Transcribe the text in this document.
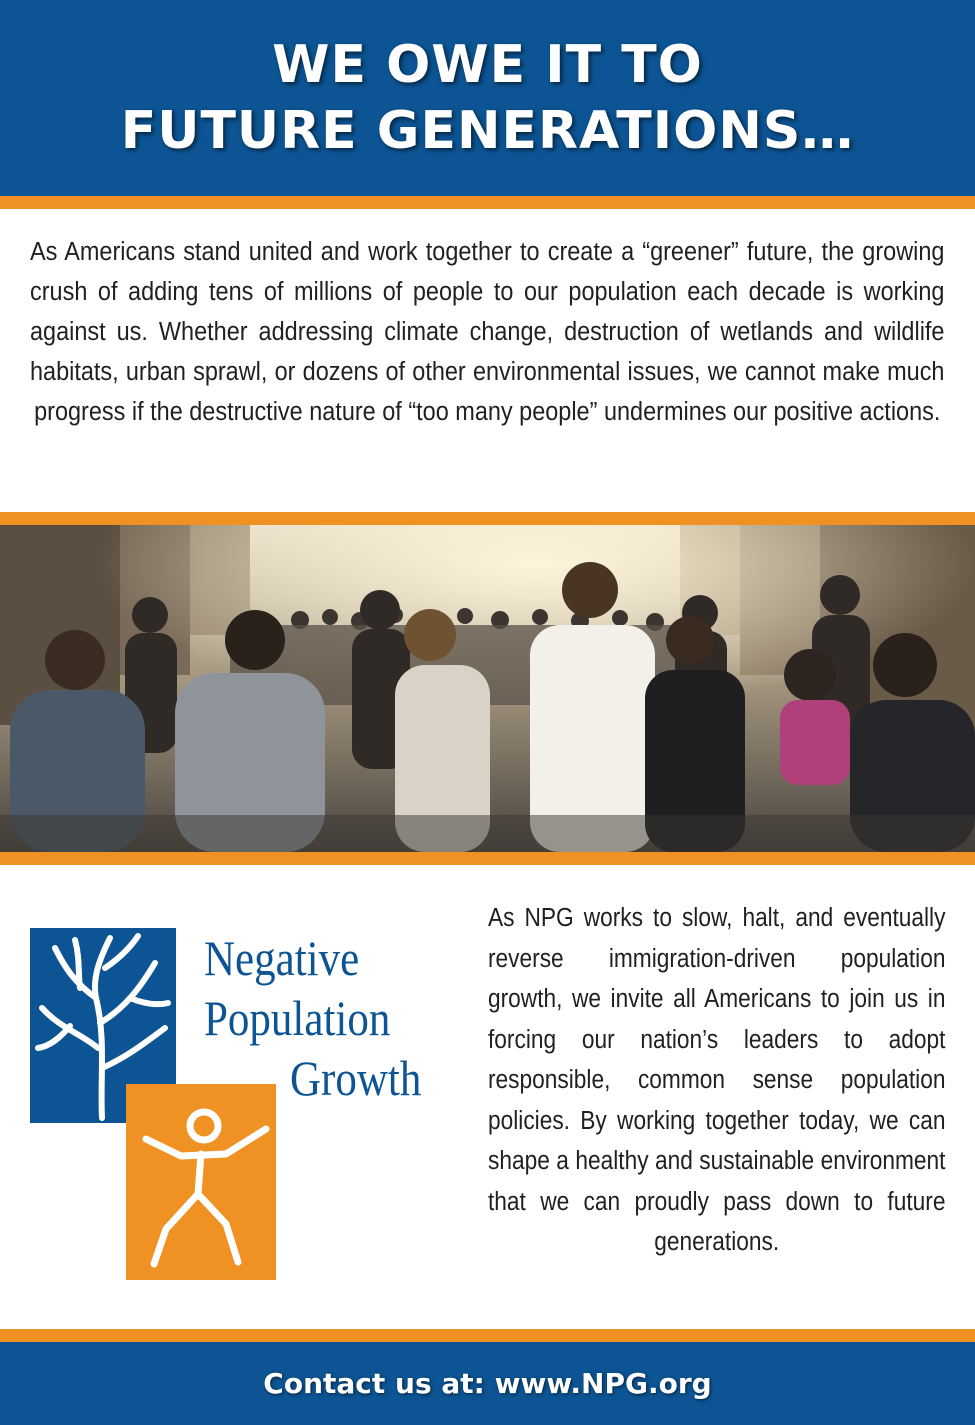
WE OWE IT TO
FUTURE GENERATIONS…
As Americans stand united and work together to create a “greener” future, the growing crush of adding tens of millions of people to our population each decade is working against us. Whether addressing climate change, destruction of wetlands and wildlife habitats, urban sprawl, or dozens of other environmental issues, we cannot make much progress if the destructive nature of “too many people” undermines our positive actions.
Negative
Population
Growth
As NPG works to slow, halt, and eventually reverse immigration-driven population growth, we invite all Americans to join us in forcing our nation’s leaders to adopt responsible, common sense population policies. By working together today, we can shape a healthy and sustainable environment that we can proudly pass down to future generations.
Contact us at: www.NPG.org
